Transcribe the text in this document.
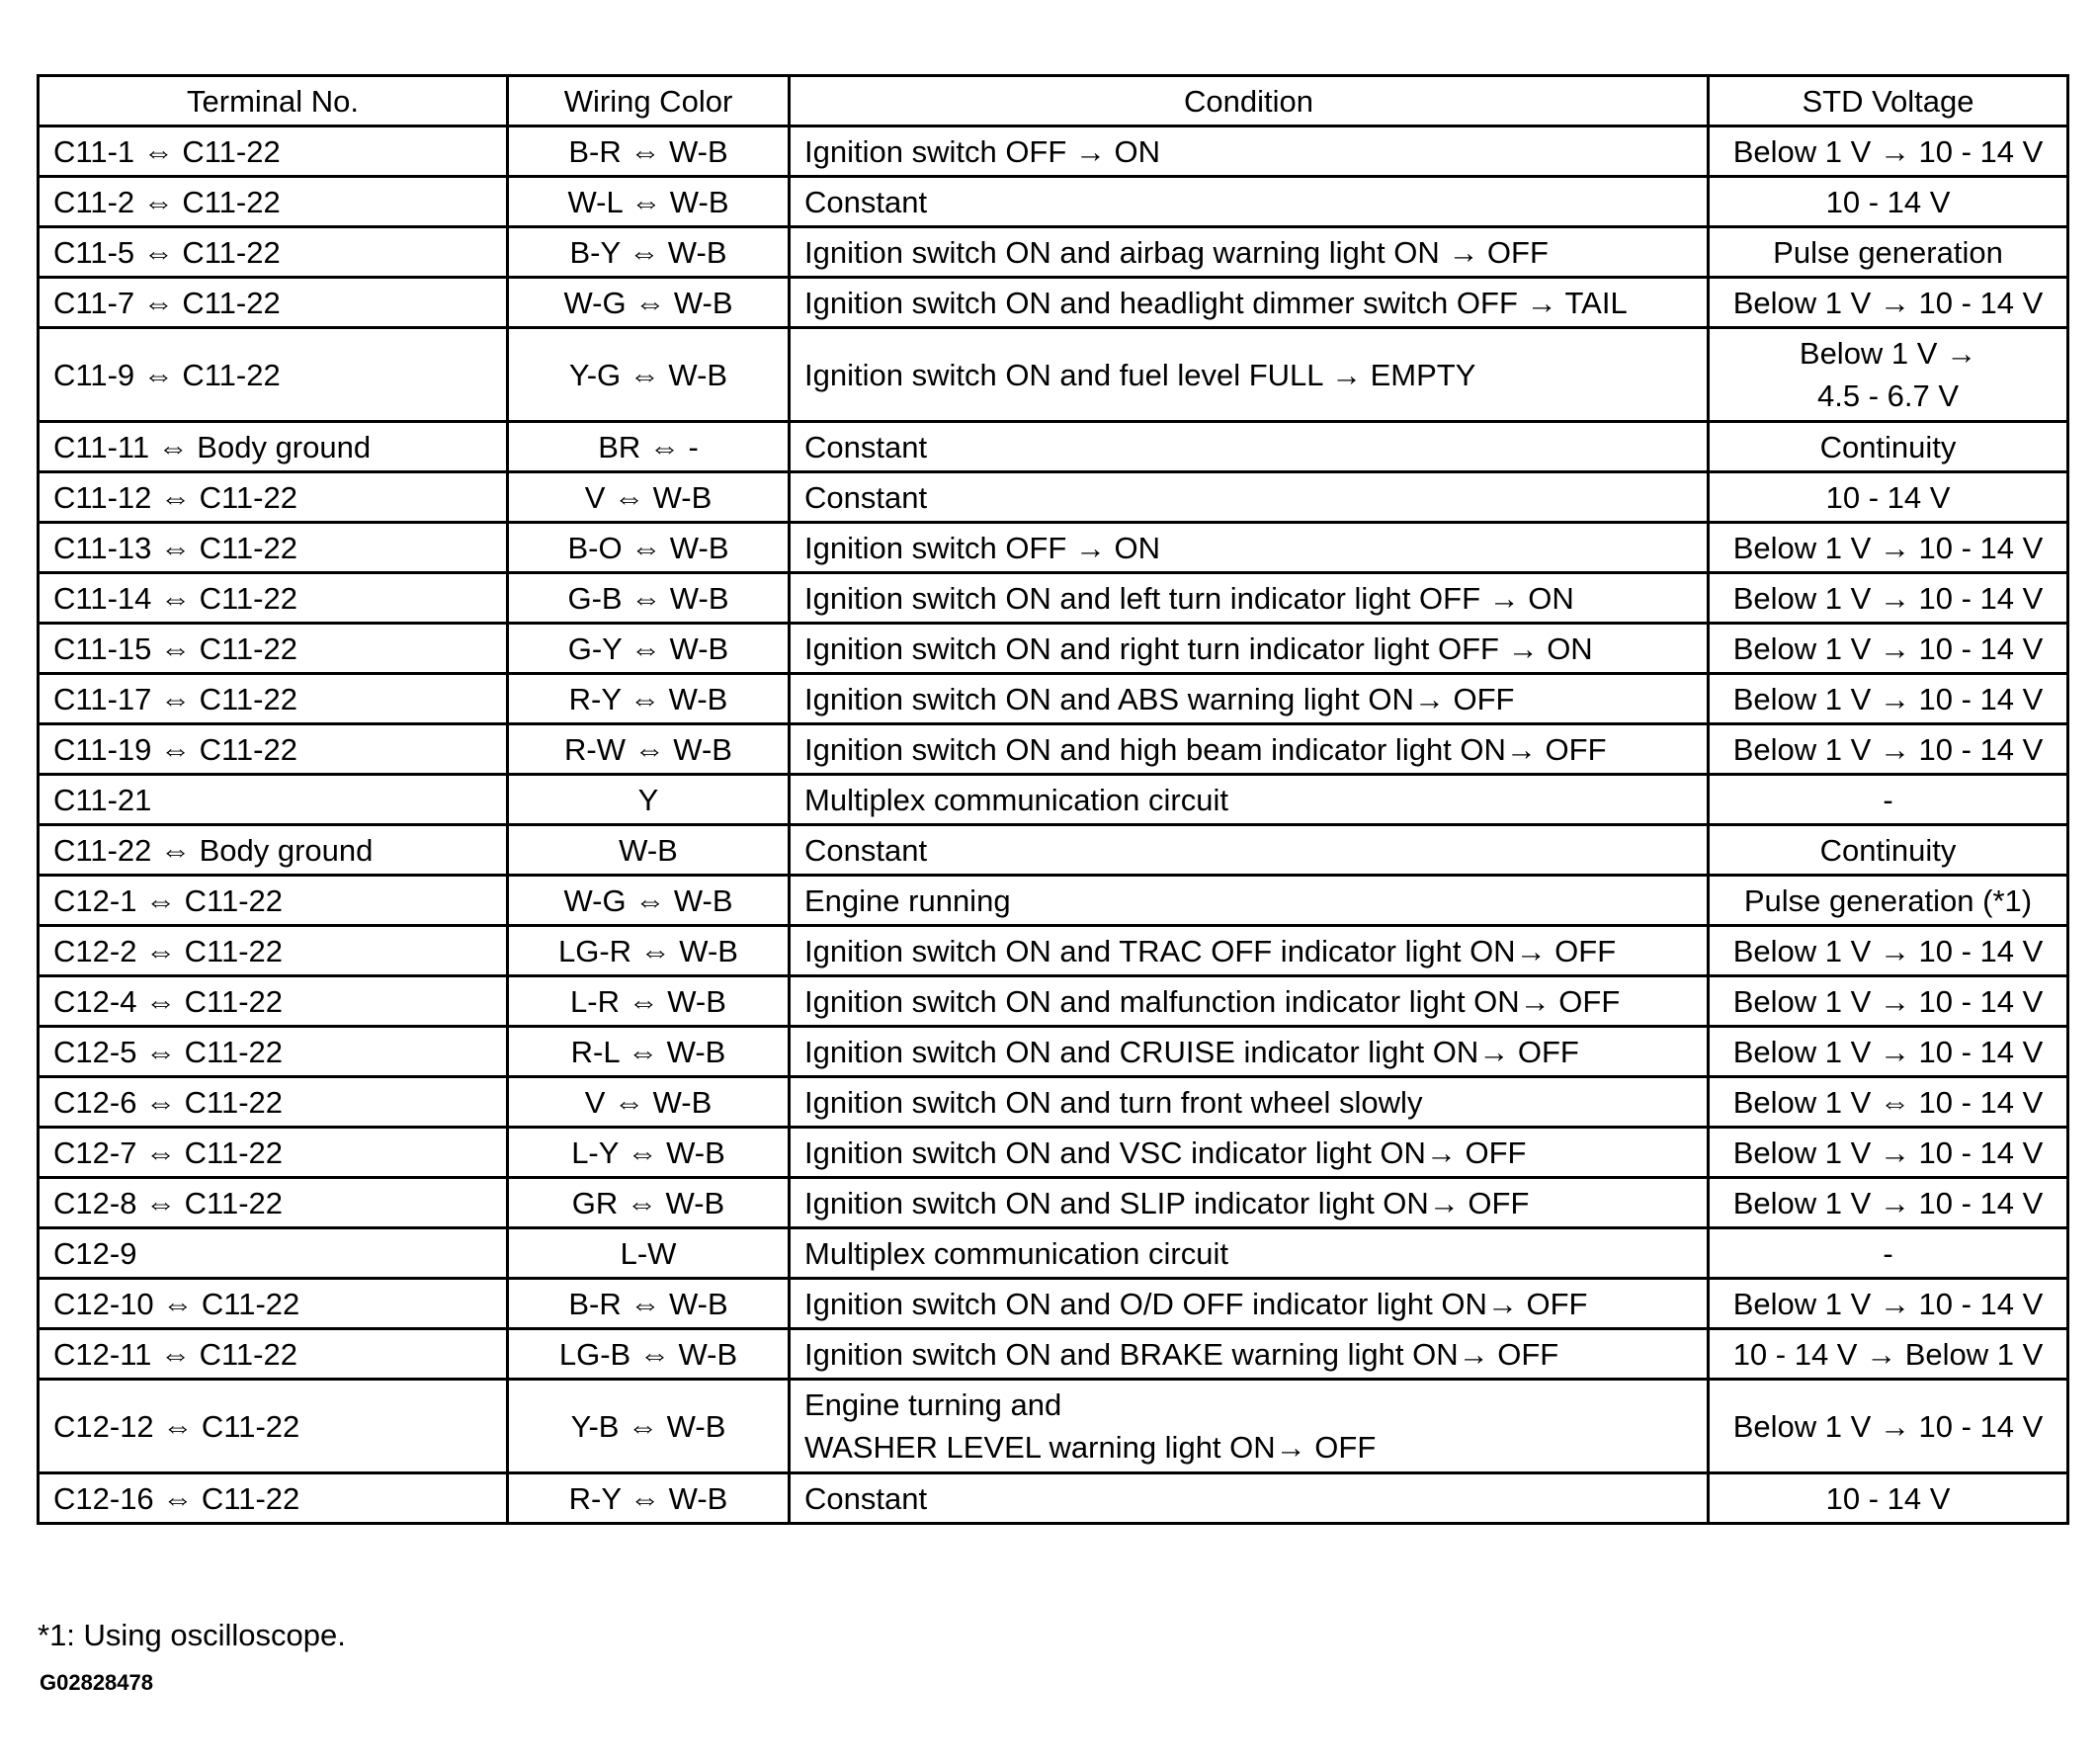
Terminal No.	Wiring Color	Condition	STD Voltage
C11-1 ⇔ C11-22	B-R ⇔ W-B	Ignition switch OFF → ON	Below 1 V → 10 - 14 V

C11-2 ⇔ C11-22	W-L ⇔ W-B	Constant	10 - 14 V

C11-5 ⇔ C11-22	B-Y ⇔ W-B	Ignition switch ON and airbag warning light ON → OFF	Pulse generation

C11-7 ⇔ C11-22	W-G ⇔ W-B	Ignition switch ON and headlight dimmer switch OFF → TAIL	Below 1 V → 10 - 14 V

C11-9 ⇔ C11-22	Y-G ⇔ W-B	Ignition switch ON and fuel level FULL → EMPTY	Below 1 V →
4.5 - 6.7 V

C11-11 ⇔ Body ground	BR ⇔ -	Constant	Continuity

C11-12 ⇔ C11-22	V ⇔ W-B	Constant	10 - 14 V

C11-13 ⇔ C11-22	B-O ⇔ W-B	Ignition switch OFF → ON	Below 1 V → 10 - 14 V

C11-14 ⇔ C11-22	G-B ⇔ W-B	Ignition switch ON and left turn indicator light OFF → ON	Below 1 V → 10 - 14 V

C11-15 ⇔ C11-22	G-Y ⇔ W-B	Ignition switch ON and right turn indicator light OFF → ON	Below 1 V → 10 - 14 V

C11-17 ⇔ C11-22	R-Y ⇔ W-B	Ignition switch ON and ABS warning light ON→ OFF	Below 1 V → 10 - 14 V

C11-19 ⇔ C11-22	R-W ⇔ W-B	Ignition switch ON and high beam indicator light ON→ OFF	Below 1 V → 10 - 14 V

C11-21	Y	Multiplex communication circuit	-

C11-22 ⇔ Body ground	W-B	Constant	Continuity

C12-1 ⇔ C11-22	W-G ⇔ W-B	Engine running	Pulse generation (*1)

C12-2 ⇔ C11-22	LG-R ⇔ W-B	Ignition switch ON and TRAC OFF indicator light ON→ OFF	Below 1 V → 10 - 14 V

C12-4 ⇔ C11-22	L-R ⇔ W-B	Ignition switch ON and malfunction indicator light ON→ OFF	Below 1 V → 10 - 14 V

C12-5 ⇔ C11-22	R-L ⇔ W-B	Ignition switch ON and CRUISE indicator light ON→ OFF	Below 1 V → 10 - 14 V

C12-6 ⇔ C11-22	V ⇔ W-B	Ignition switch ON and turn front wheel slowly	Below 1 V ⇔ 10 - 14 V

C12-7 ⇔ C11-22	L-Y ⇔ W-B	Ignition switch ON and VSC indicator light ON→ OFF	Below 1 V → 10 - 14 V

C12-8 ⇔ C11-22	GR ⇔ W-B	Ignition switch ON and SLIP indicator light ON→ OFF	Below 1 V → 10 - 14 V

C12-9	L-W	Multiplex communication circuit	-

C12-10 ⇔ C11-22	B-R ⇔ W-B	Ignition switch ON and O/D OFF indicator light ON→ OFF	Below 1 V → 10 - 14 V

C12-11 ⇔ C11-22	LG-B ⇔ W-B	Ignition switch ON and BRAKE warning light ON→ OFF	10 - 14 V → Below 1 V

C12-12 ⇔ C11-22	Y-B ⇔ W-B	Engine turning and
WASHER LEVEL warning light ON→ OFF	Below 1 V → 10 - 14 V

C12-16 ⇔ C11-22	R-Y ⇔ W-B	Constant	10 - 14 V
*1: Using oscilloscope.
G02828478
